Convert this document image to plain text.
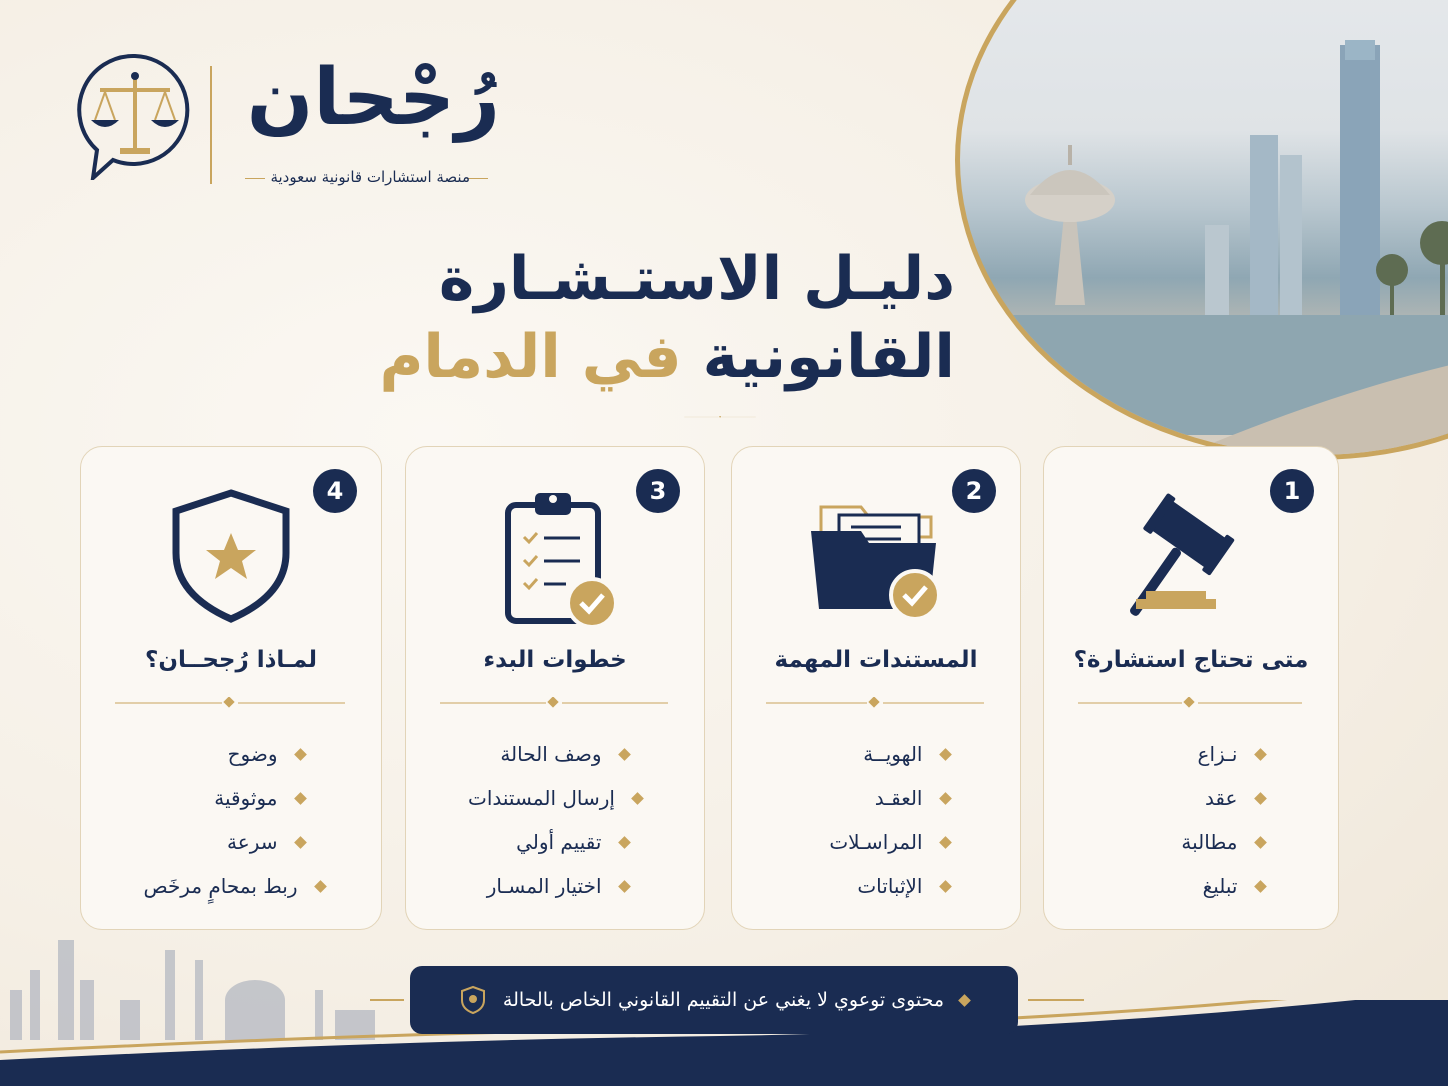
رُجْحان
منصة استشارات قانونية سعودية
دليـل الاستـشـارة
القانونية في الدمام
1
متى تحتاج استشارة؟
نـزاع
عقد
مطالبة
تبليغ
2
المستندات المهمة
الهويــة
العقـد
المراسـلات
الإثباتات
3
خطوات البدء
وصف الحالة
إرسال المستندات
تقييم أولي
اختيار المسـار
4
لمـاذا رُجحــان؟
وضوح
موثوقية
سرعة
ربط بمحامٍ مرخَص
محتوى توعوي لا يغني عن التقييم القانوني الخاص بالحالة
